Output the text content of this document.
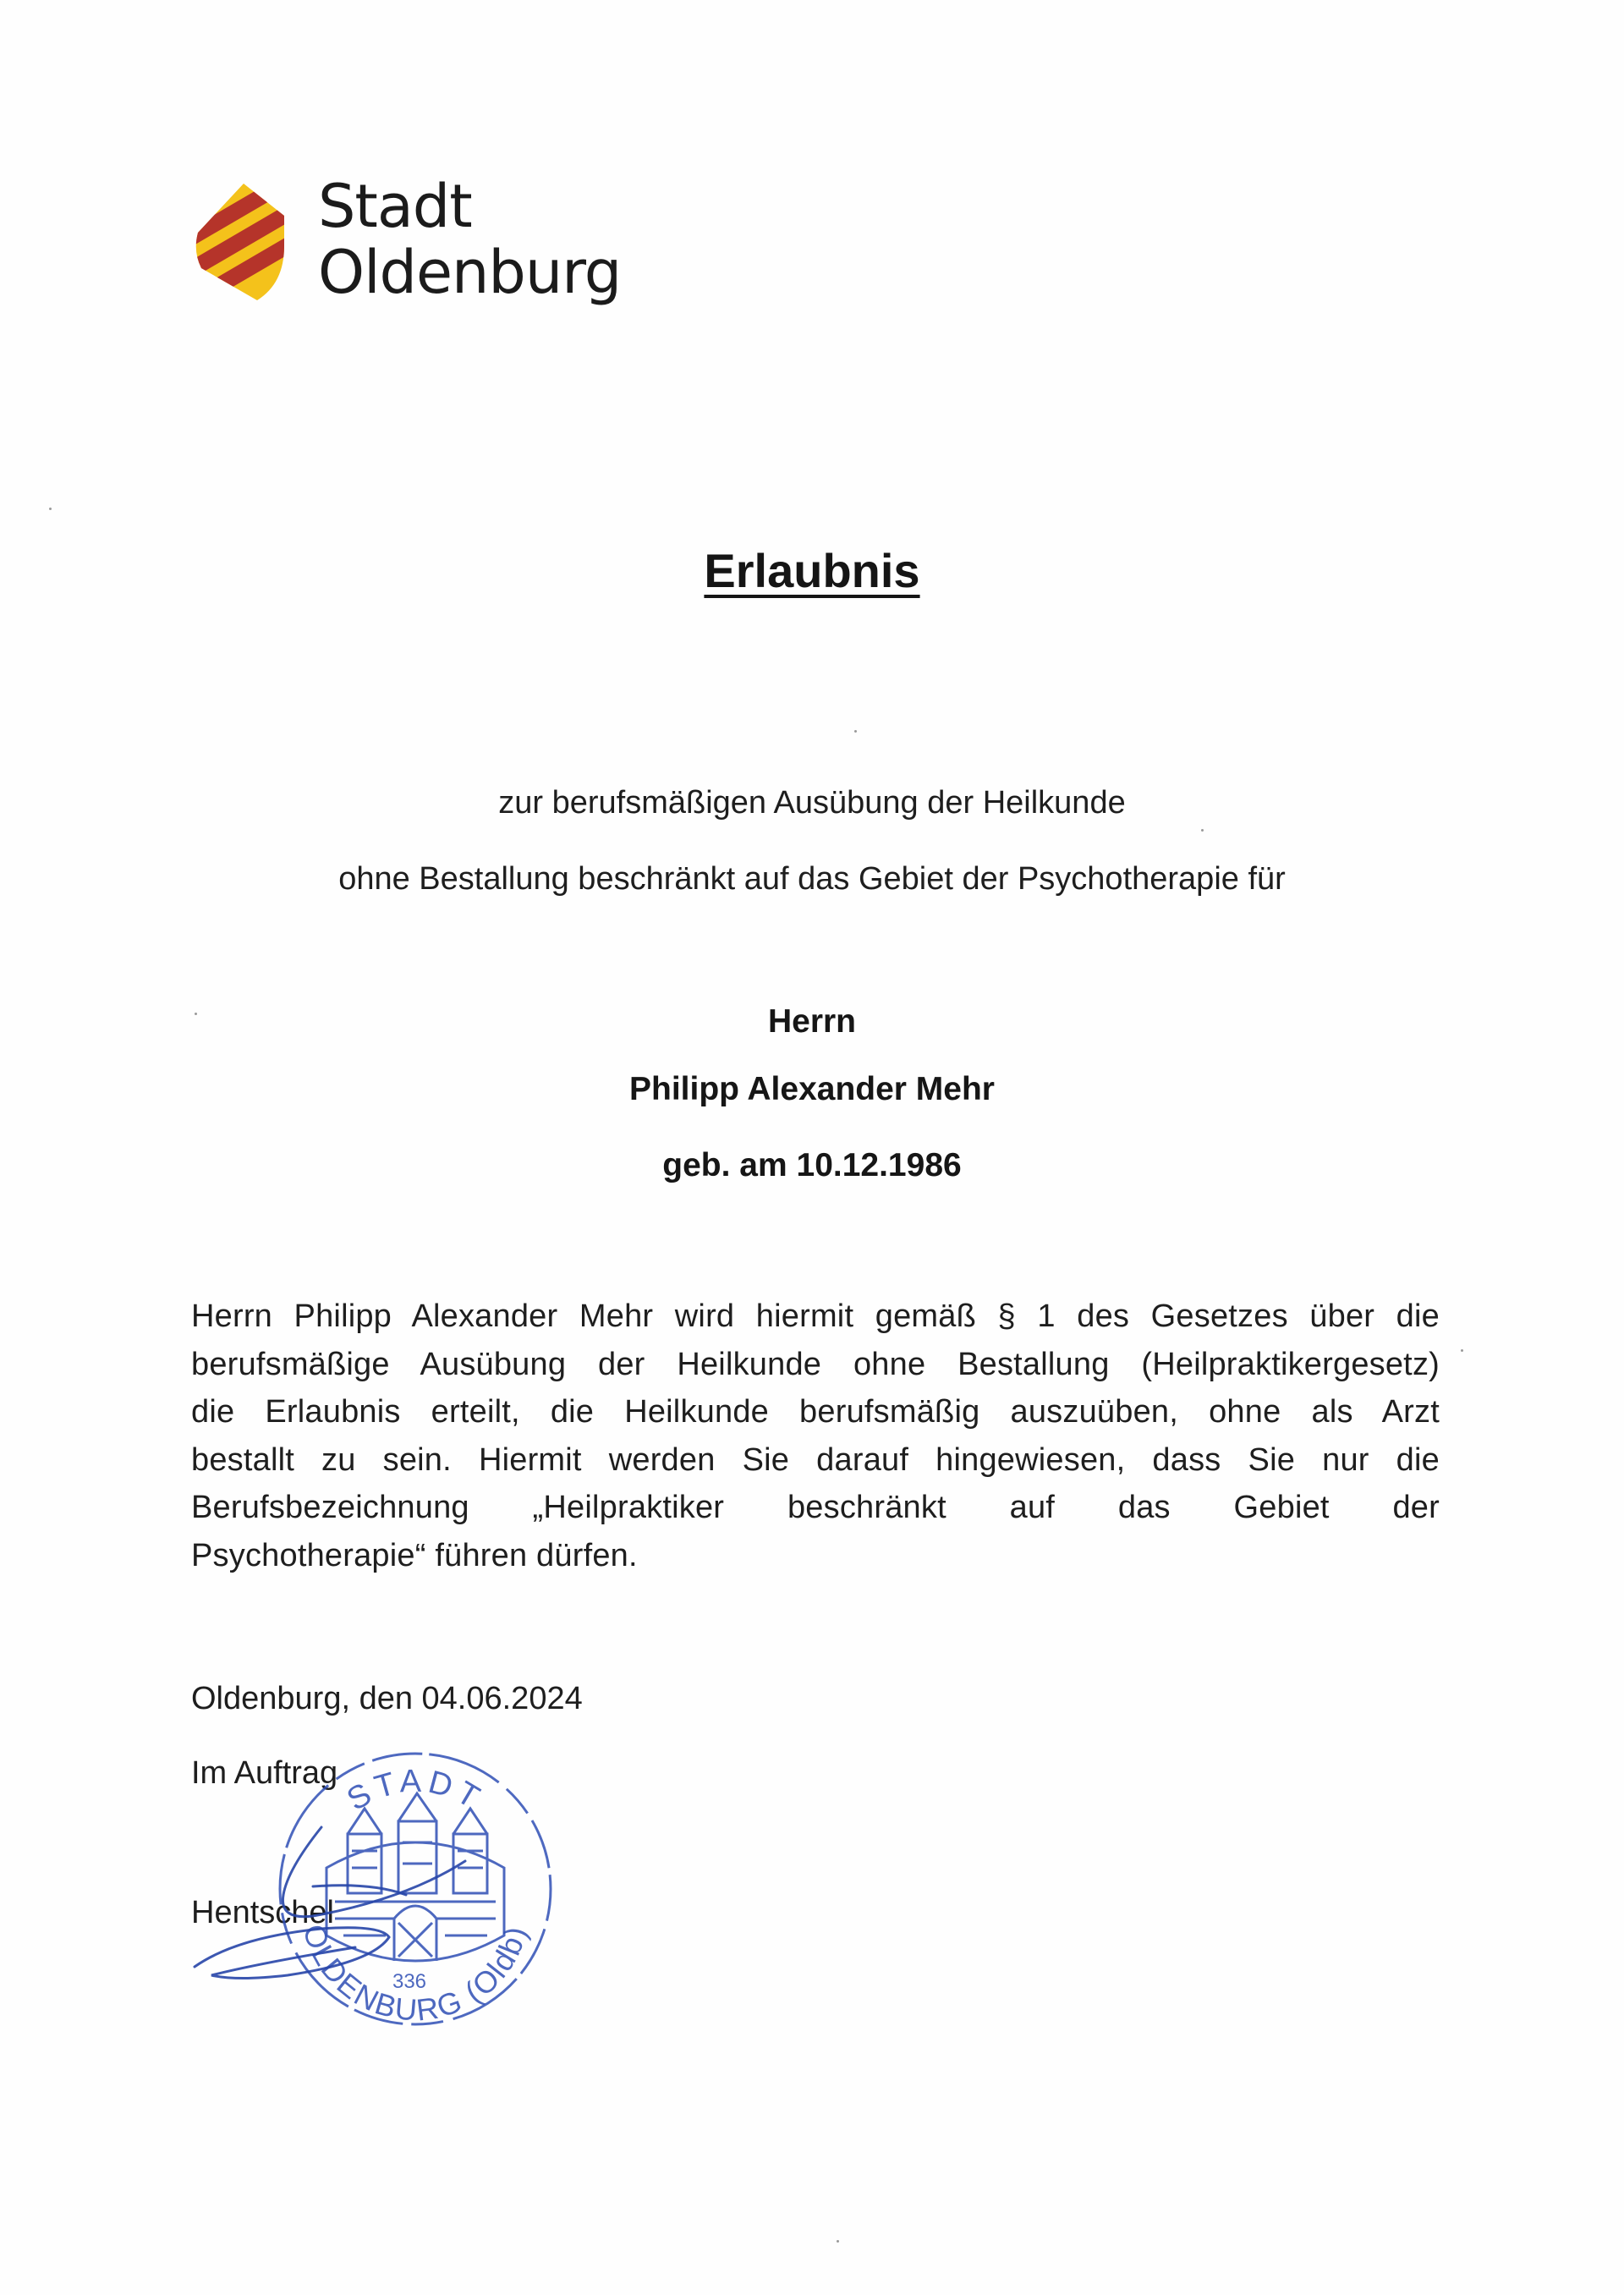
Stadt
Oldenburg
Erlaubnis
zur berufsmäßigen Ausübung der Heilkunde
ohne Bestallung beschränkt auf das Gebiet der Psychotherapie für
Herrn
Philipp Alexander Mehr
geb. am 10.12.1986
Herrn Philipp Alexander Mehr wird hiermit gemäß § 1 des Gesetzes über die
berufsmäßige Ausübung der Heilkunde ohne Bestallung (Heilpraktikergesetz)
die Erlaubnis erteilt, die Heilkunde berufsmäßig auszuüben, ohne als Arzt
bestallt zu sein. Hiermit werden Sie darauf hingewiesen, dass Sie nur die
Berufsbezeichnung „Heilpraktiker beschränkt auf das Gebiet der
Psychotherapie“ führen dürfen.
Oldenburg, den 04.06.2024
Im Auftrag
Hentschel
STADT
OLDENBURG (Oldb)
336
